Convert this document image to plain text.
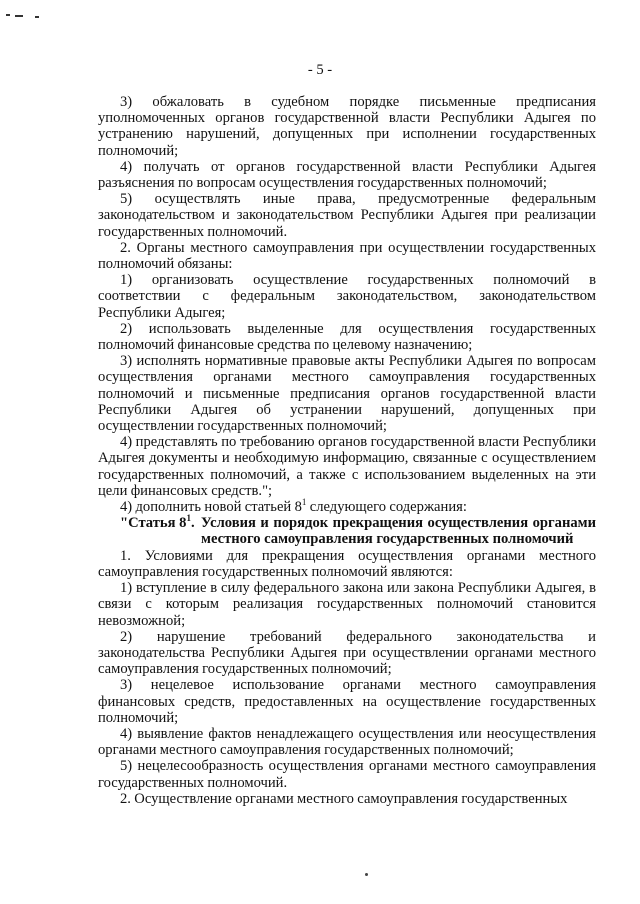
- 5 -

3) обжаловать в судебном порядке письменные предписания уполномоченных органов государственной власти Республики Адыгея по устранению нарушений, допущенных при исполнении государственных полномочий;

4) получать от органов государственной власти Республики Адыгея разъяснения по вопросам осуществления государственных полномочий;

5) осуществлять иные права, предусмотренные федеральным законодательством и законодательством Республики Адыгея при реализации государственных полномочий.

2. Органы местного самоуправления при осуществлении государственных полномочий обязаны:

1) организовать осуществление государственных полномочий в соответствии с федеральным законодательством, законодательством Республики Адыгея;

2) использовать выделенные для осуществления государственных полномочий финансовые средства по целевому назначению;

3) исполнять нормативные правовые акты Республики Адыгея по вопросам осуществления органами местного самоуправления государственных полномочий и письменные предписания органов государственной власти Республики Адыгея об устранении нарушений, допущенных при осуществлении государственных полномочий;

4) представлять по требованию органов государственной власти Республики Адыгея документы и необходимую информацию, связанные с осуществлением государственных полномочий, а также с использованием выделенных на эти цели финансовых средств.";

4) дополнить новой статьей $8^1$ следующего содержания:

"Статья $8^1$. Условия и порядок прекращения осуществления органами местного самоуправления государственных полномочий

1. Условиями для прекращения осуществления органами местного самоуправления государственных полномочий являются:

1) вступление в силу федерального закона или закона Республики Адыгея, в связи с которым реализация государственных полномочий становится невозможной;

2) нарушение требований федерального законодательства и законодательства Республики Адыгея при осуществлении органами местного самоуправления государственных полномочий;

3) нецелевое использование органами местного самоуправления финансовых средств, предоставленных на осуществление государственных полномочий;

4) выявление фактов ненадлежащего осуществления или неосуществления органами местного самоуправления государственных полномочий;

5) нецелесообразность осуществления органами местного самоуправления государственных полномочий.

2. Осуществление органами местного самоуправления государственных
